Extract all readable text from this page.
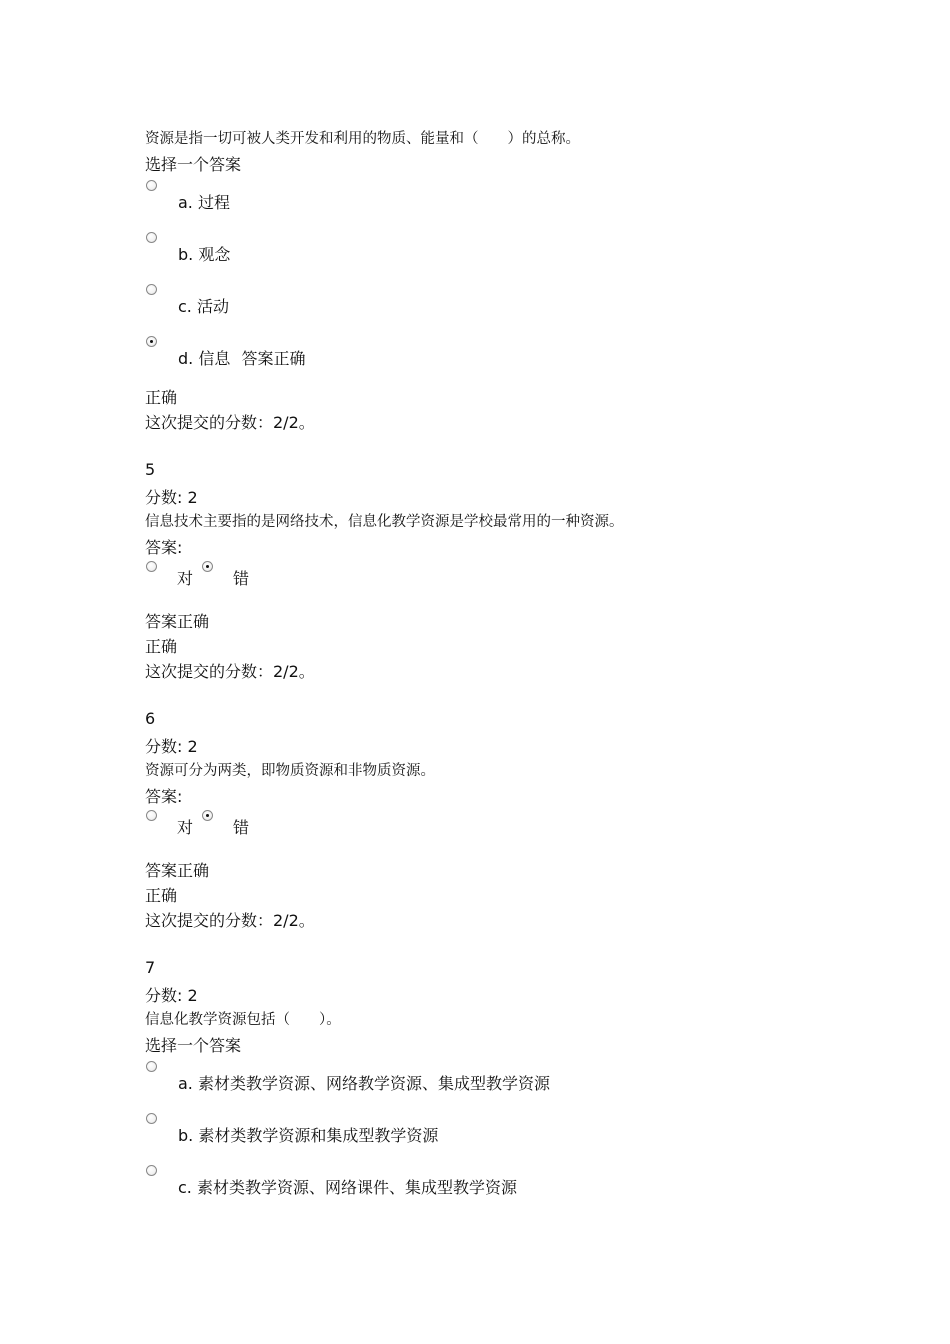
资源是指一切可被人类开发和利用的物质、能量和（　　）的总称。
选择一个答案
a. 过程
b. 观念
c. 活动
d. 信息 答案正确
正确
这次提交的分数：2/2。
5
分数: 2
信息技术主要指的是网络技术，信息化教学资源是学校最常用的一种资源。
答案:
对 错
答案正确
正确
这次提交的分数：2/2。
6
分数: 2
资源可分为两类，即物质资源和非物质资源。
答案:
对 错
答案正确
正确
这次提交的分数：2/2。
7
分数: 2
信息化教学资源包括（　　）。
选择一个答案
a. 素材类教学资源、网络教学资源、集成型教学资源
b. 素材类教学资源和集成型教学资源
c. 素材类教学资源、网络课件、集成型教学资源
